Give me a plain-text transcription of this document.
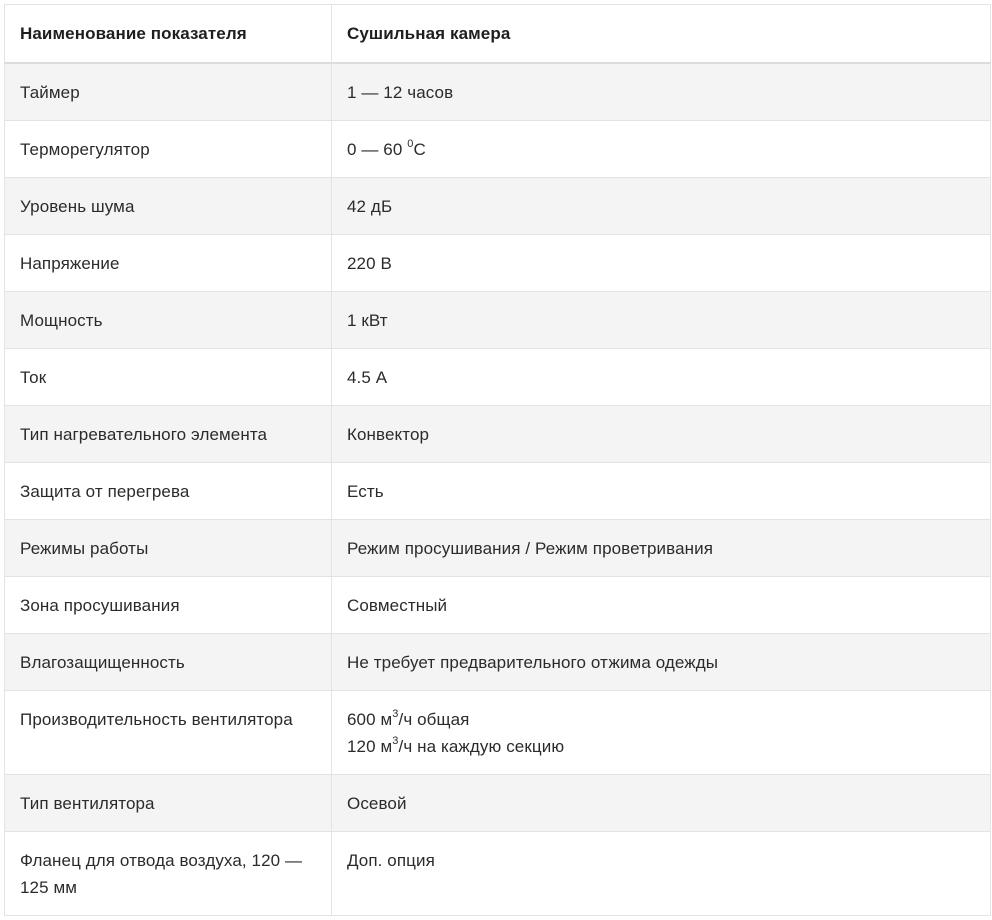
Наименование показателя	Сушильная камера
Таймер	1 — 12 часов
Терморегулятор	0 — 60 $^0$C
Уровень шума	42 дБ
Напряжение	220 В
Мощность	1 кВт
Ток	4.5 А
Тип нагревательного элемента	Конвектор
Защита от перегрева	Есть
Режимы работы	Режим просушивания / Режим проветривания
Зона просушивания	Совместный
Влагозащищенность	Не требует предварительного отжима одежды
Производительность вентилятора	600 $м^3/ч$ общая
120 $м^3/ч$ на каждую секцию

Тип вентилятора	Осевой
Фланец для отвода воздуха, 120 — 125 мм	Доп. опция
